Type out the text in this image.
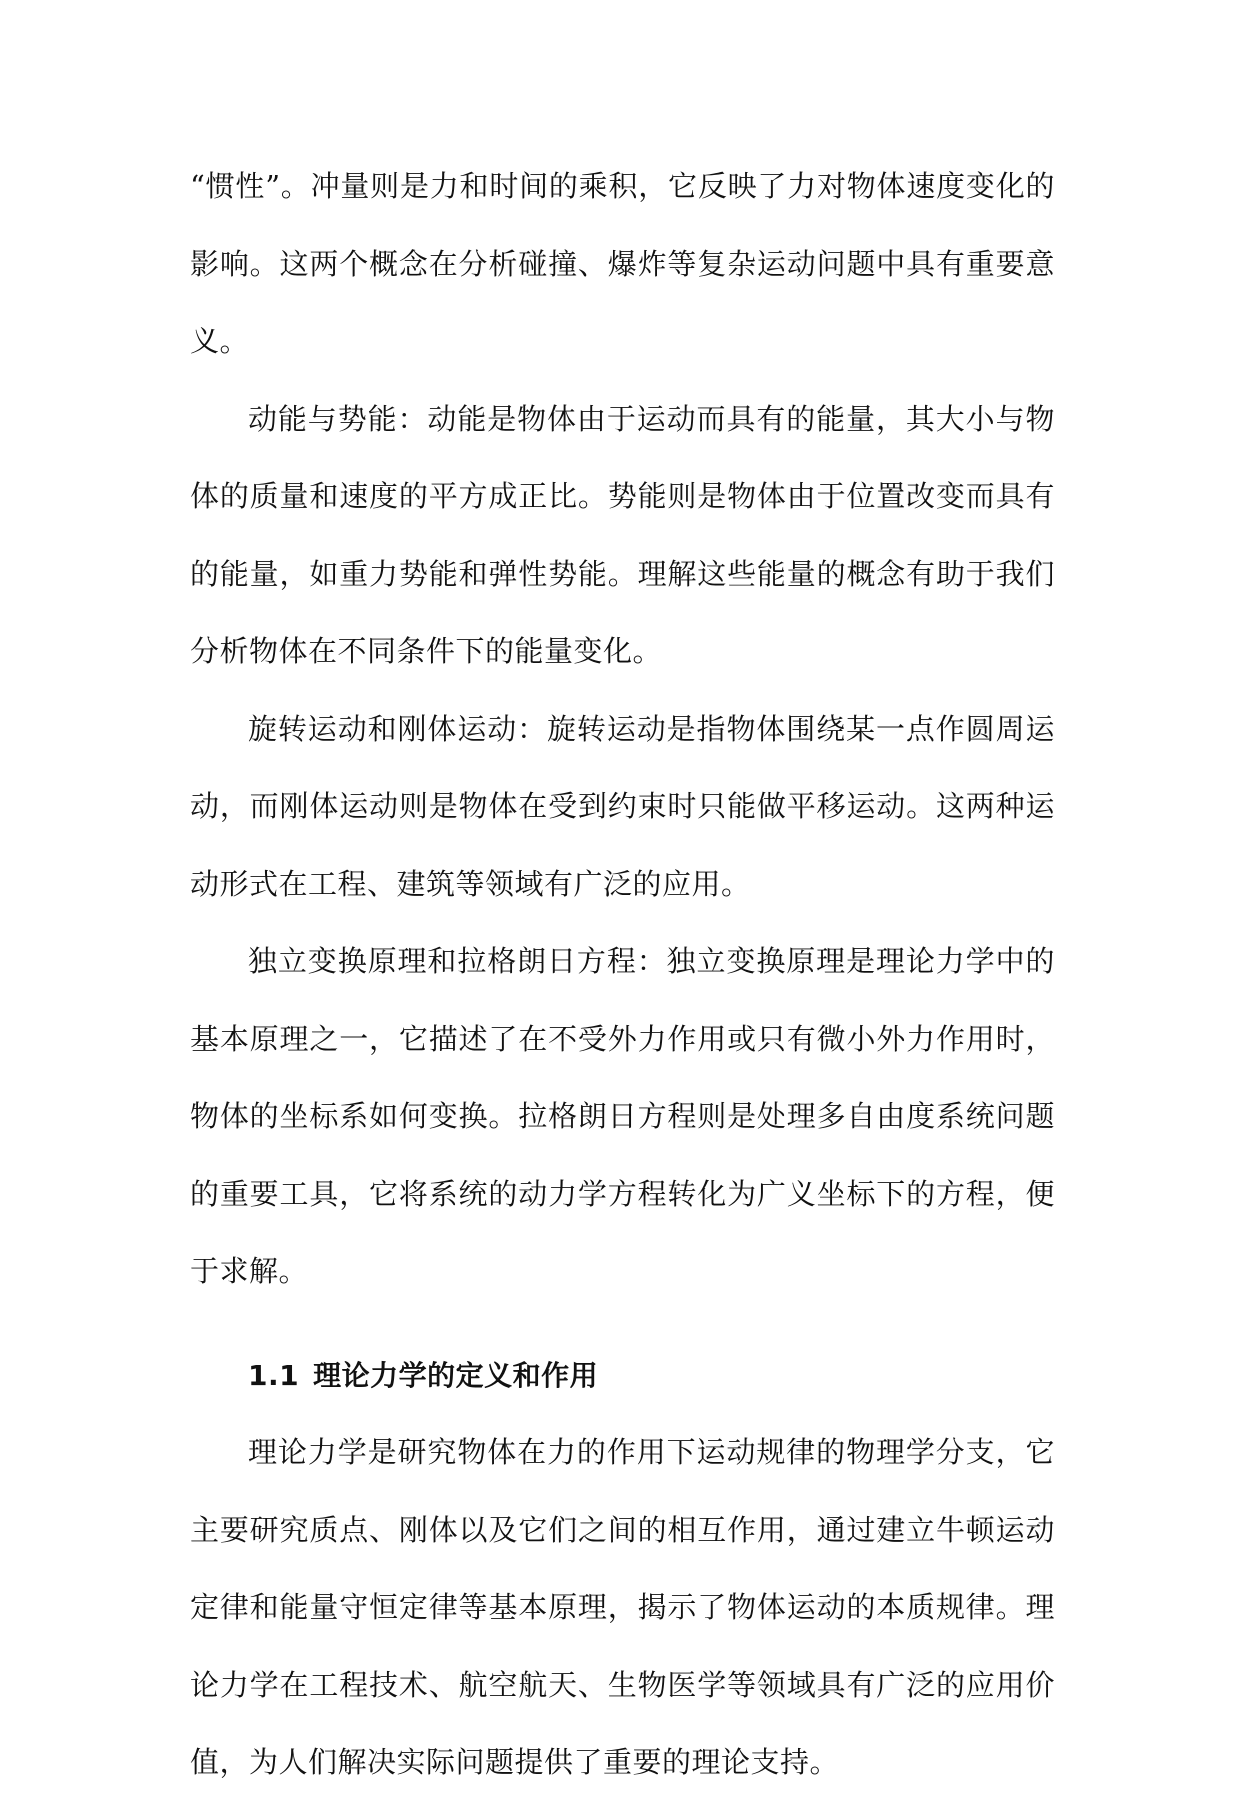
“惯性”。冲量则是力和时间的乘积，它反映了力对物体速度变化的影响。这两个概念在分析碰撞、爆炸等复杂运动问题中具有重要意义。

动能与势能：动能是物体由于运动而具有的能量，其大小与物体的质量和速度的平方成正比。势能则是物体由于位置改变而具有的能量，如重力势能和弹性势能。理解这些能量的概念有助于我们分析物体在不同条件下的能量变化。

旋转运动和刚体运动：旋转运动是指物体围绕某一点作圆周运动，而刚体运动则是物体在受到约束时只能做平移运动。这两种运动形式在工程、建筑等领域有广泛的应用。

独立变换原理和拉格朗日方程：独立变换原理是理论力学中的基本原理之一，它描述了在不受外力作用或只有微小外力作用时，物体的坐标系如何变换。拉格朗日方程则是处理多自由度系统问题的重要工具，它将系统的动力学方程转化为广义坐标下的方程，便于求解。

1.1 理论力学的定义和作用

理论力学是研究物体在力的作用下运动规律的物理学分支，它主要研究质点、刚体以及它们之间的相互作用，通过建立牛顿运动定律和能量守恒定律等基本原理，揭示了物体运动的本质规律。理论力学在工程技术、航空航天、生物医学等领域具有广泛的应用价值，为人们解决实际问题提供了重要的理论支持。
